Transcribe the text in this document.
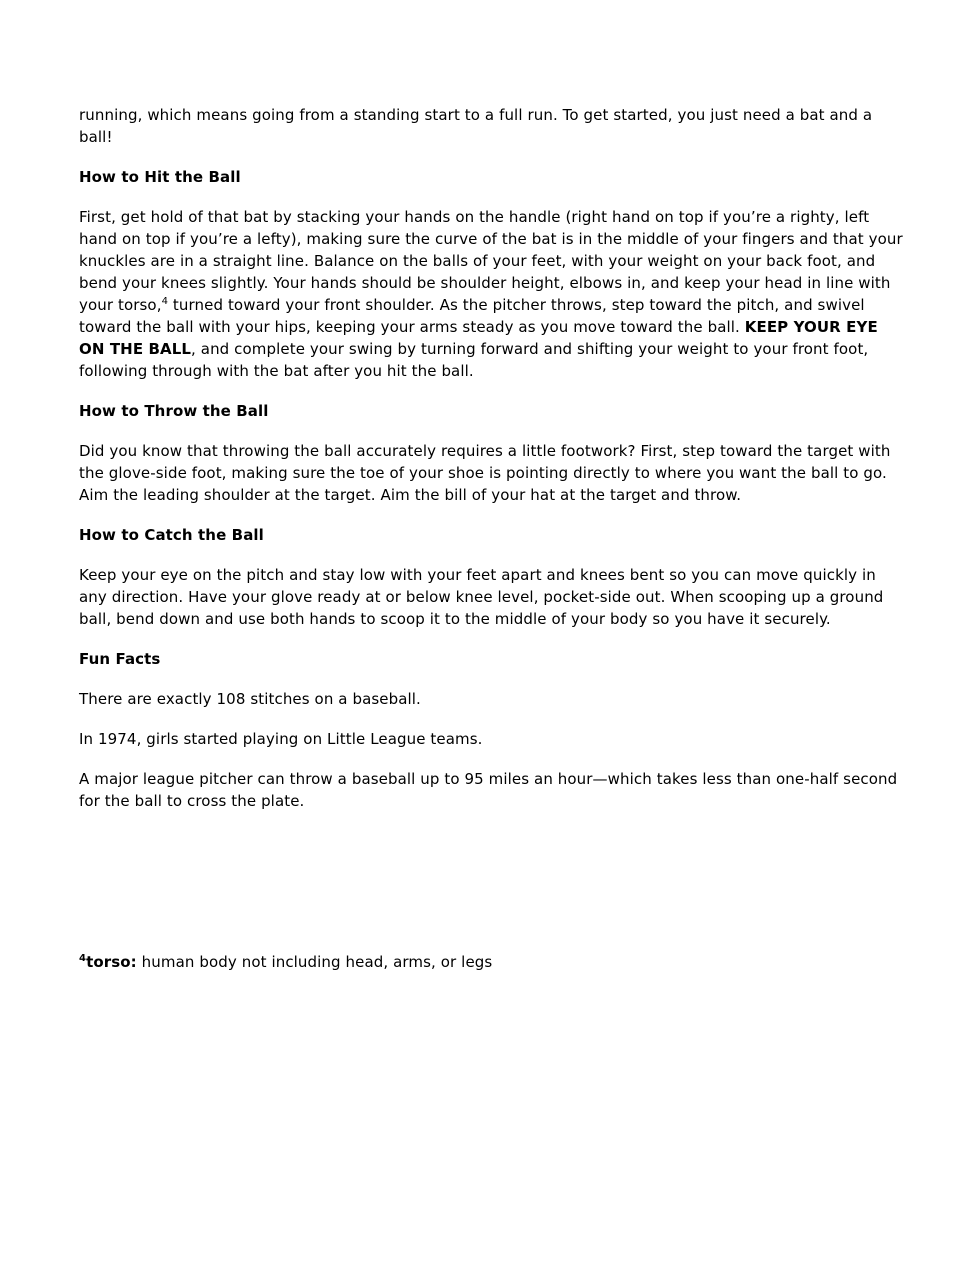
running, which means going from a standing start to a full run. To get started, you just need a bat and a ball!

How to Hit the Ball

First, get hold of that bat by stacking your hands on the handle (right hand on top if you’re a righty, left hand on top if you’re a lefty), making sure the curve of the bat is in the middle of your fingers and that your knuckles are in a straight line. Balance on the balls of your feet, with your weight on your back foot, and bend your knees slightly. Your hands should be shoulder height, elbows in, and keep your head in line with your torso,$^4$ turned toward your front shoulder. As the pitcher throws, step toward the pitch, and swivel toward the ball with your hips, keeping your arms steady as you move toward the ball. KEEP YOUR EYE ON THE BALL, and complete your swing by turning forward and shifting your weight to your front foot, following through with the bat after you hit the ball.

How to Throw the Ball

Did you know that throwing the ball accurately requires a little footwork? First, step toward the target with the glove-side foot, making sure the toe of your shoe is pointing directly to where you want the ball to go. Aim the leading shoulder at the target. Aim the bill of your hat at the target and throw.

How to Catch the Ball

Keep your eye on the pitch and stay low with your feet apart and knees bent so you can move quickly in any direction. Have your glove ready at or below knee level, pocket-side out. When scooping up a ground ball, bend down and use both hands to scoop it to the middle of your body so you have it securely.

Fun Facts

There are exactly 108 stitches on a baseball.

In 1974, girls started playing on Little League teams.

A major league pitcher can throw a baseball up to 95 miles an hour—which takes less than one-half second for the ball to cross the plate.

$^4$torso: human body not including head, arms, or legs
